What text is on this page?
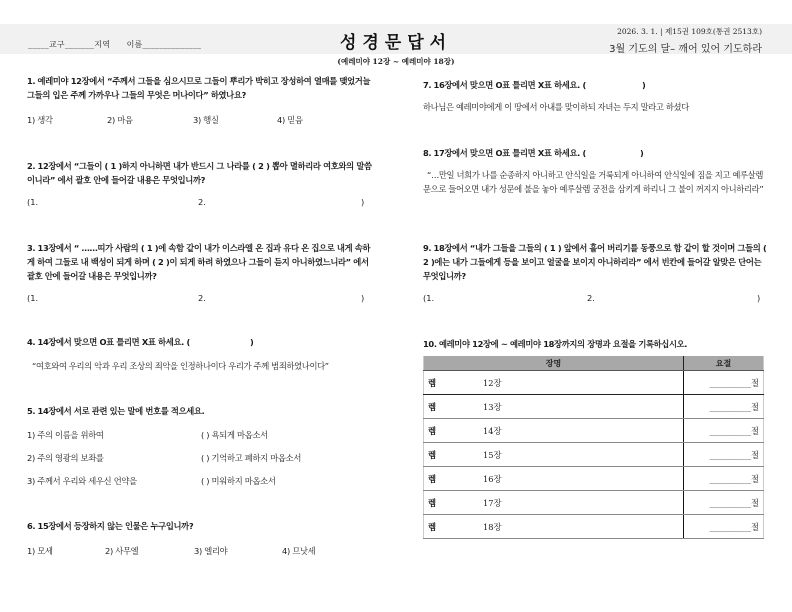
_____교구_______지역 이름______________	성경문답서
2026. 3. 1. | 제15권 109호(통권 2513호)
3월 기도의 달– 깨어 있어 기도하라
(예레미야 12장 ~ 예레미야 18장)
1. 예레미야 12장에서 “주께서 그들을 심으시므로 그들이 뿌리가 박히고 장성하여 열매를 맺었거늘 그들의 입은 주께 가까우나 그들의 무엇은 머나이다” 하였나요?
1) 생각	2) 마음	3) 행실	4) 믿음
2. 12장에서 “그들이 ( 1 )하지 아니하면 내가 반드시 그 나라를 ( 2 ) 뽑아 멸하리라 여호와의 말씀이니라” 에서 괄호 안에 들어갈 내용은 무엇입니까?
(1.	2.	)
3. 13장에서 “ ……띠가 사람의 ( 1 )에 속함 같이 내가 이스라엘 온 집과 유다 온 집으로 내게 속하게 하여 그들로 내 백성이 되게 하며 ( 2 )이 되게 하려 하였으나 그들이 듣지 아니하였느니라” 에서 괄호 안에 들어갈 내용은 무엇입니까?
(1.	2.	)
4. 14장에서 맞으면 O표 틀리면 X표 하세요. (	)
“여호와여 우리의 악과 우리 조상의 죄악을 인정하나이다 우리가 주께 범죄하였나이다”
5. 14장에서 서로 관련 있는 말에 번호를 적으세요.
1) 주의 이름을 위하여	( ) 욕되게 마옵소서
2) 주의 영광의 보좌를	( ) 기억하고 폐하지 마옵소서
3) 주께서 우리와 세우신 언약을	( ) 미워하지 마옵소서
6. 15장에서 등장하지 않는 인물은 누구입니까?
1) 모세	2) 사무엘	3) 엘리야	4) 므낫세
7. 16장에서 맞으면 O표 틀리면 X표 하세요. (	)
하나님은 예레미야에게 이 땅에서 아내를 맞이하되 자녀는 두지 말라고 하셨다
8. 17장에서 맞으면 O표 틀리면 X표 하세요. (	)
“…만일 너희가 나를 순종하지 아니하고 안식일을 거룩되게 아니하여 안식일에 짐을 지고 예루살렘 문으로 들어오면 내가 성문에 불을 놓아 예루살렘 궁전을 삼키게 하리니 그 불이 꺼지지 아니하리라”
9. 18장에서 “내가 그들을 그들의 ( 1 ) 앞에서 흩어 버리기를 동풍으로 함 같이 할 것이며 그들의 ( 2 )에는 내가 그들에게 등을 보이고 얼굴을 보이지 아니하리라” 에서 빈칸에 들어갈 알맞은 단어는 무엇입니까?
(1.	2.	)
10. 예레미야 12장에 ~ 예레미야 18장까지의 장명과 요절을 기록하십시오.
장명	요절
렘 12장	__________절
렘 13장	__________절
렘 14장	__________절
렘 15장	__________절
렘 16장	__________절
렘 17장	__________절
렘 18장	__________절
